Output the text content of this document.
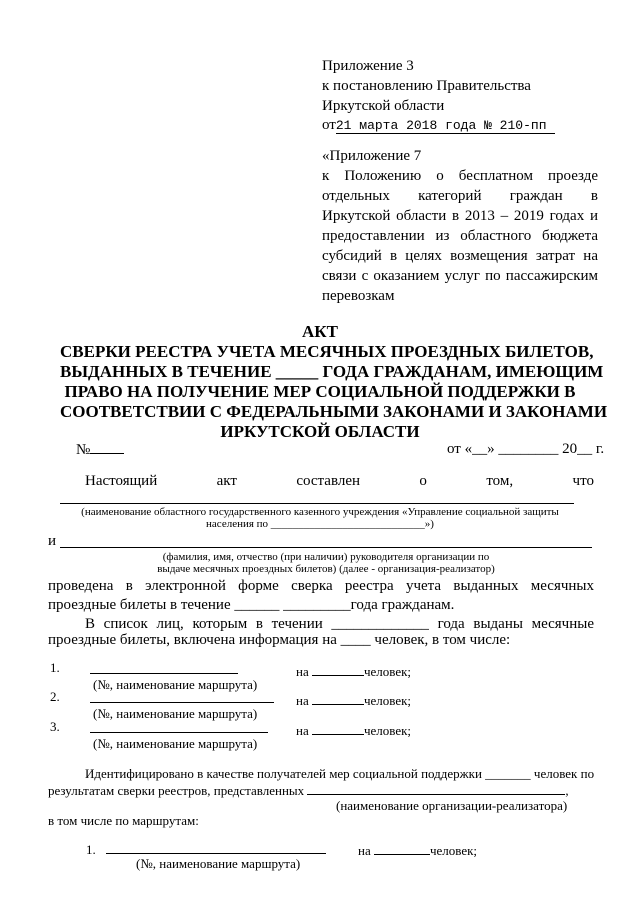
Приложение 3
к постановлению Правительства
Иркутской области
от21 марта 2018 года № 210-пп
«Приложение 7
к Положению о бесплатном проезде
отдельных категорий граждан в
Иркутской области в 2013 – 2019 годах и
предоставлении из областного бюджета
субсидий в целях возмещения затрат на
связи с оказанием услуг по пассажирским
перевозкам
АКТ
СВЕРКИ РЕЕСТРА УЧЕТА МЕСЯЧНЫХ ПРОЕЗДНЫХ БИЛЕТОВ,
ВЫДАННЫХ В ТЕЧЕНИЕ _____ ГОДА ГРАЖДАНАМ, ИМЕЮЩИМ
ПРАВО НА ПОЛУЧЕНИЕ МЕР СОЦИАЛЬНОЙ ПОДДЕРЖКИ В
СООТВЕТСТВИИ С ФЕДЕРАЛЬНЫМИ ЗАКОНАМИ И ЗАКОНАМИ
ИРКУТСКОЙ ОБЛАСТИ
№	от «__» ________ 20__ г.
Настоящий	акт	составлен	о	том,	что
(наименование областного государственного казенного учреждения «Управление социальной защиты
населения по ____________________________»)
и
(фамилия, имя, отчество (при наличии) руководителя организации по
выдаче месячных проездных билетов) (далее - организация-реализатор)
проведена в электронной форме сверка реестра учета выданных месячных
проездные билеты в течение ______ _________года гражданам.
В список лиц, которым в течении _____________ года выданы месячные
проездные билеты, включена информация на ____ человек, в том числе:
1.	на	человек;
(№, наименование маршрута)
2.	на	человек;
(№, наименование маршрута)
3.	на	человек;
(№, наименование маршрута)
Идентифицировано в качестве получателей мер социальной поддержки _______ человек по
результатам сверки реестров, представленных	,
(наименование организации-реализатора)
в том числе по маршрутам:
1.	на	человек;
(№, наименование маршрута)
